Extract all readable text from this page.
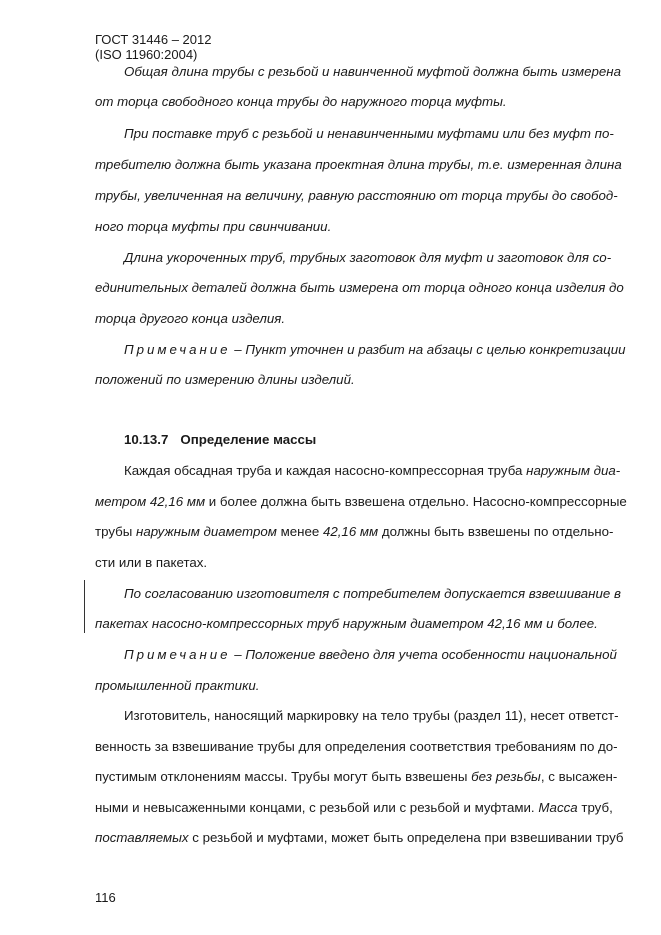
ГОСТ 31446 – 2012
(ISO 11960:2004)
Общая длина трубы с резьбой и навинченной муфтой должна быть измерена
от торца свободного конца трубы до наружного торца муфты.
При поставке труб с резьбой и ненавинченными муфтами или без муфт по-
требителю должна быть указана проектная длина трубы, т.е. измеренная длина
трубы, увеличенная на величину, равную расстоянию от торца трубы до свобод-
ного торца муфты при свинчивании.
Длина укороченных труб, трубных заготовок для муфт и заготовок для со-
единительных деталей должна быть измерена от торца одного конца изделия до
торца другого конца изделия.
Примечание – Пункт уточнен и разбит на абзацы с целью конкретизации
положений по измерению длины изделий.
10.13.7 Определение массы
Каждая обсадная труба и каждая насосно-компрессорная труба наружным диа-
метром 42,16 мм и более должна быть взвешена отдельно. Насосно-компрессорные
трубы наружным диаметром менее 42,16 мм должны быть взвешены по отдельно-
сти или в пакетах.
По согласованию изготовителя с потребителем допускается взвешивание в
пакетах насосно-компрессорных труб наружным диаметром 42,16 мм и более.
Примечание – Положение введено для учета особенности национальной
промышленной практики.
Изготовитель, наносящий маркировку на тело трубы (раздел 11), несет ответст-
венность за взвешивание трубы для определения соответствия требованиям по до-
пустимым отклонениям массы. Трубы могут быть взвешены без резьбы, с высажен-
ными и невысаженными концами, с резьбой или с резьбой и муфтами. Масса труб,
поставляемых с резьбой и муфтами, может быть определена при взвешивании труб
116
